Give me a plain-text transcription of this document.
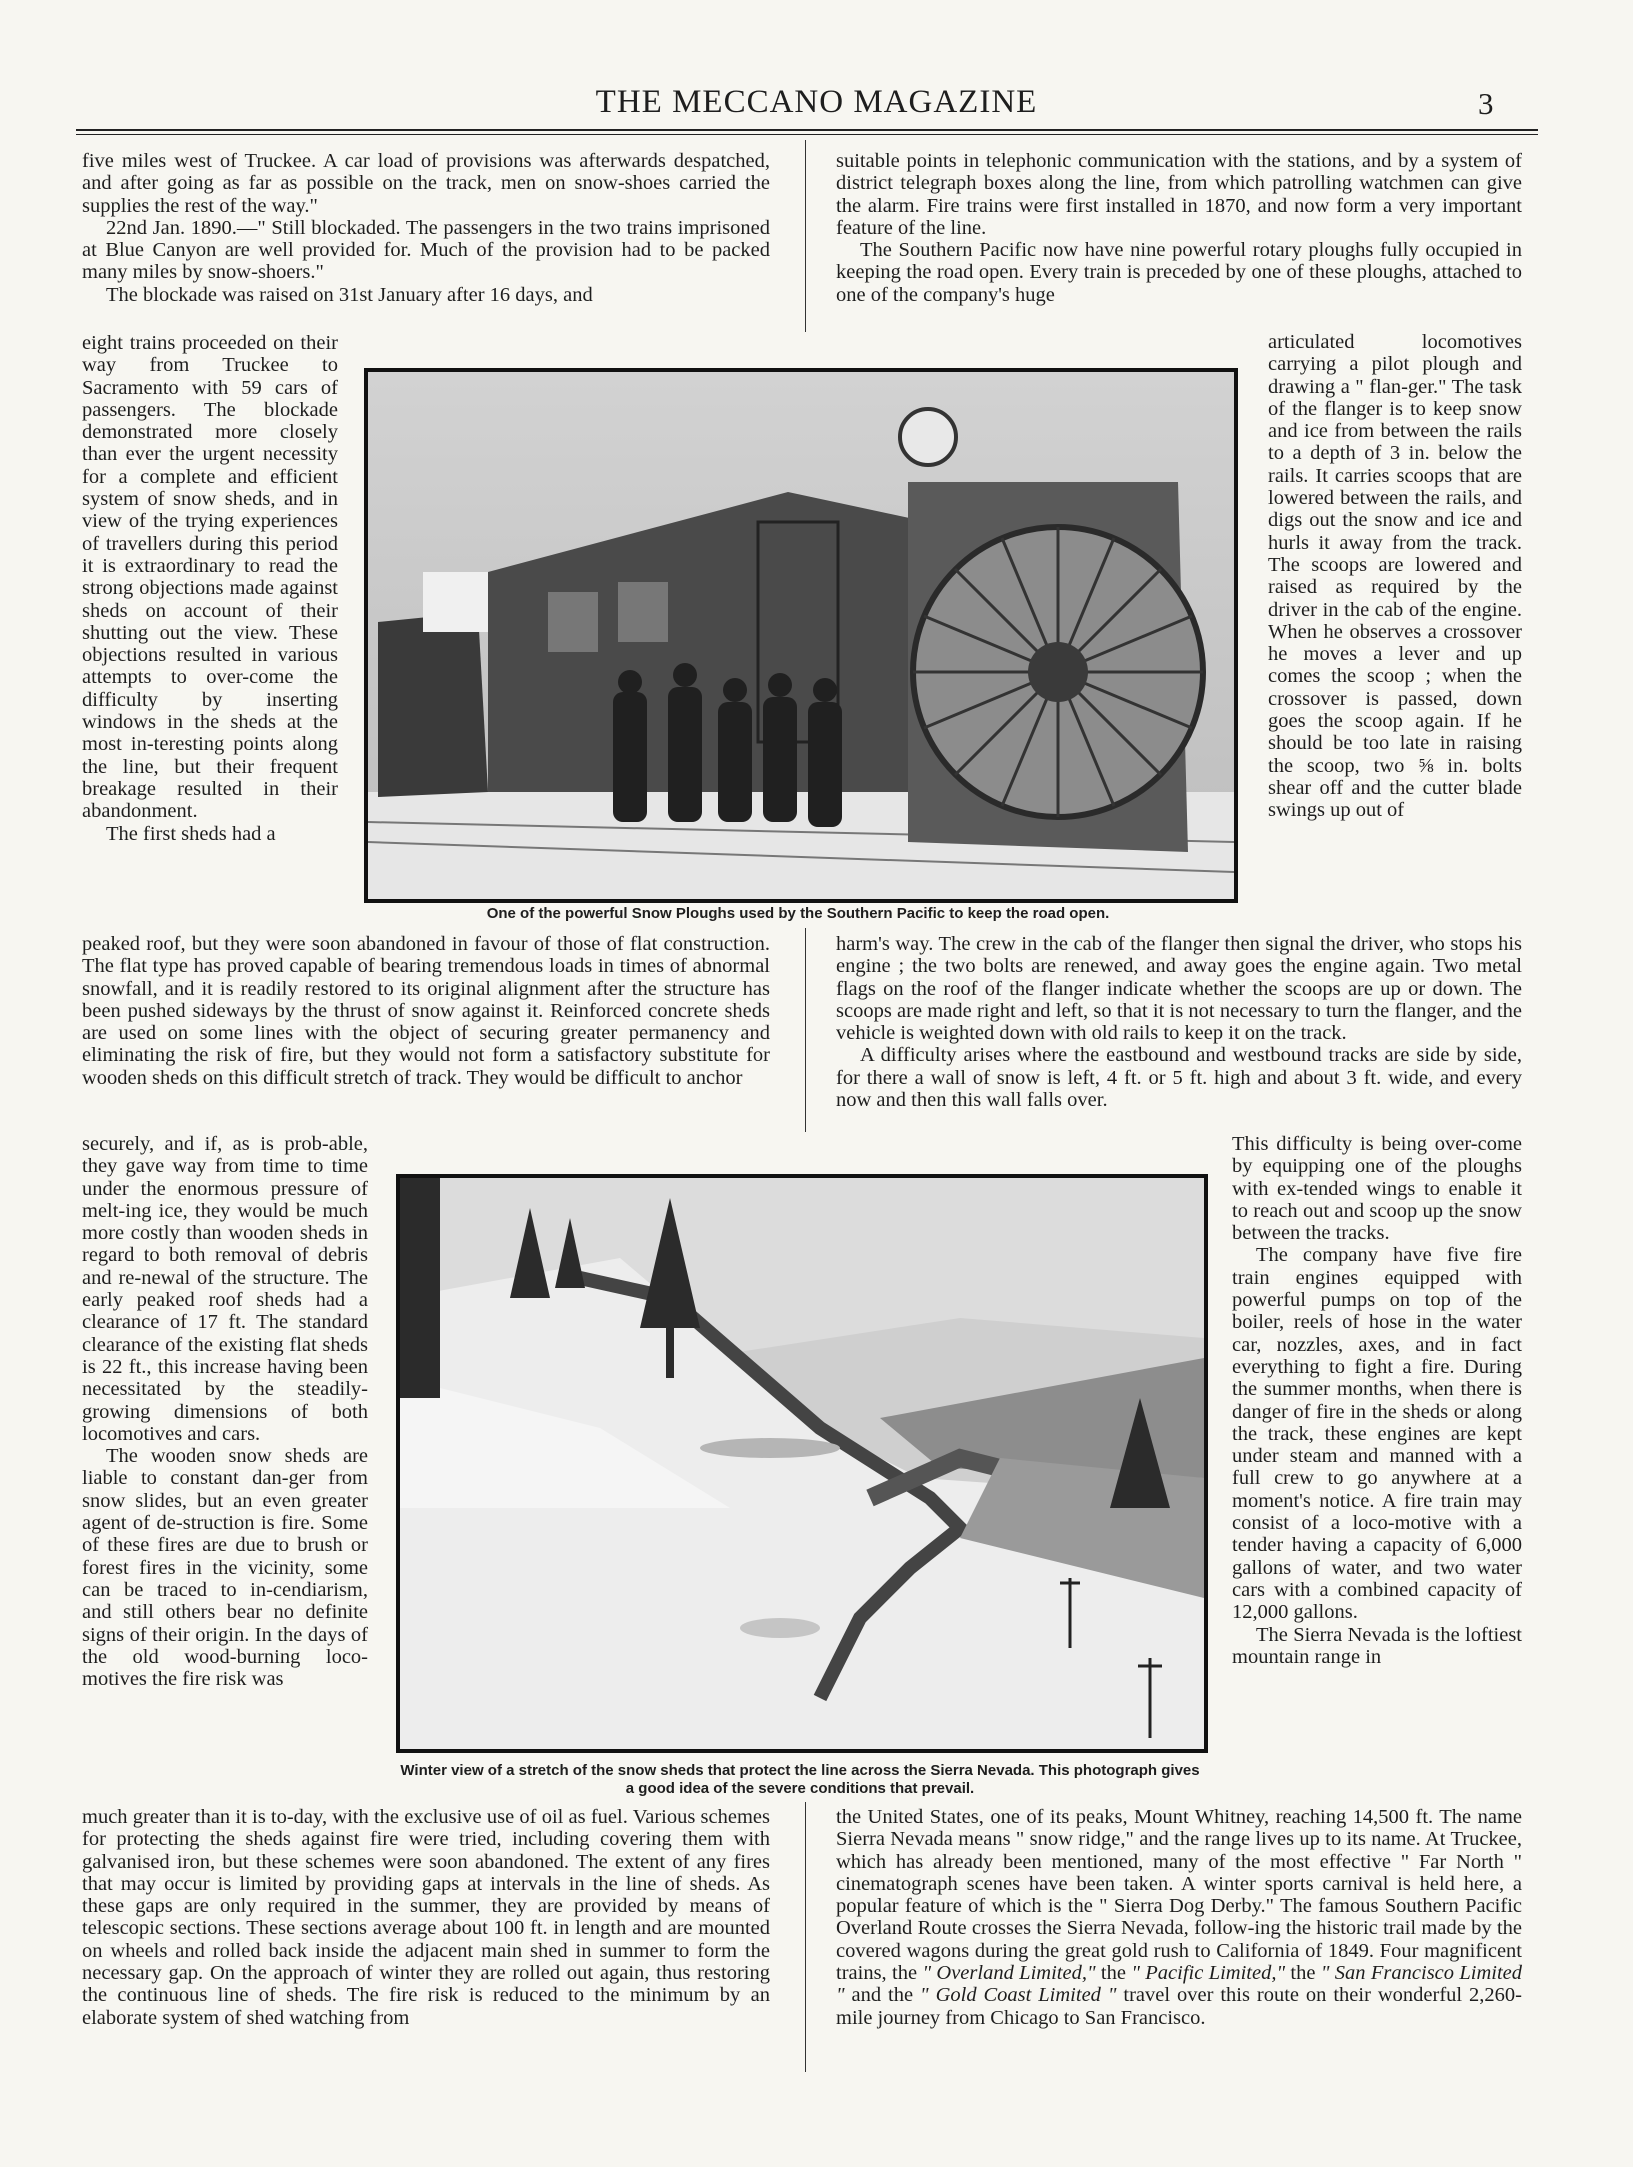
THE MECCANO MAGAZINE	3

five miles west of Truckee. A car load of provisions was afterwards despatched, and after going as far as possible on the track, men on snow-shoes carried the supplies the rest of the way."

22nd Jan. 1890.—" Still blockaded. The passengers in the two trains imprisoned at Blue Canyon are well provided for. Much of the provision had to be packed many miles by snow-shoers."

The blockade was raised on 31st January after 16 days, and

eight trains proceeded on their way from Truckee to Sacramento with 59 cars of passengers. The blockade demonstrated more closely than ever the urgent necessity for a complete and efficient system of snow sheds, and in view of the trying experiences of travellers during this period it is extraordinary to read the strong objections made against sheds on account of their shutting out the view. These objections resulted in various attempts to over-come the difficulty by inserting windows in the sheds at the most in-teresting points along the line, but their frequent breakage resulted in their abandonment.

The first sheds had a

suitable points in telephonic communication with the stations, and by a system of district telegraph boxes along the line, from which patrolling watchmen can give the alarm. Fire trains were first installed in 1870, and now form a very important feature of the line.

The Southern Pacific now have nine powerful rotary ploughs fully occupied in keeping the road open. Every train is preceded by one of these ploughs, attached to one of the company's huge

articulated locomotives carrying a pilot plough and drawing a " flan-ger." The task of the flanger is to keep snow and ice from between the rails to a depth of 3 in. below the rails. It carries scoops that are lowered between the rails, and digs out the snow and ice and hurls it away from the track. The scoops are lowered and raised as required by the driver in the cab of the engine. When he observes a crossover he moves a lever and up comes the scoop ; when the crossover is passed, down goes the scoop again. If he should be too late in raising the scoop, two ⅝ in. bolts shear off and the cutter blade swings up out of

One of the powerful Snow Ploughs used by the Southern Pacific to keep the road open.

peaked roof, but they were soon abandoned in favour of those of flat construction. The flat type has proved capable of bearing tremendous loads in times of abnormal snowfall, and it is readily restored to its original alignment after the structure has been pushed sideways by the thrust of snow against it. Reinforced concrete sheds are used on some lines with the object of securing greater permanency and eliminating the risk of fire, but they would not form a satisfactory substitute for wooden sheds on this difficult stretch of track. They would be difficult to anchor

harm's way. The crew in the cab of the flanger then signal the driver, who stops his engine ; the two bolts are renewed, and away goes the engine again. Two metal flags on the roof of the flanger indicate whether the scoops are up or down. The scoops are made right and left, so that it is not necessary to turn the flanger, and the vehicle is weighted down with old rails to keep it on the track.

A difficulty arises where the eastbound and westbound tracks are side by side, for there a wall of snow is left, 4 ft. or 5 ft. high and about 3 ft. wide, and every now and then this wall falls over.

securely, and if, as is prob-able, they gave way from time to time under the enormous pressure of melt-ing ice, they would be much more costly than wooden sheds in regard to both removal of debris and re-newal of the structure. The early peaked roof sheds had a clearance of 17 ft. The standard clearance of the existing flat sheds is 22 ft., this increase having been necessitated by the steadily-growing dimensions of both locomotives and cars.

The wooden snow sheds are liable to constant dan-ger from snow slides, but an even greater agent of de-struction is fire. Some of these fires are due to brush or forest fires in the vicinity, some can be traced to in-cendiarism, and still others bear no definite signs of their origin. In the days of the old wood-burning loco-motives the fire risk was

This difficulty is being over-come by equipping one of the ploughs with ex-tended wings to enable it to reach out and scoop up the snow between the tracks.

The company have five fire train engines equipped with powerful pumps on top of the boiler, reels of hose in the water car, nozzles, axes, and in fact everything to fight a fire. During the summer months, when there is danger of fire in the sheds or along the track, these engines are kept under steam and manned with a full crew to go anywhere at a moment's notice. A fire train may consist of a loco-motive with a tender having a capacity of 6,000 gallons of water, and two water cars with a combined capacity of 12,000 gallons.

The Sierra Nevada is the loftiest mountain range in

Winter view of a stretch of the snow sheds that protect the line across the Sierra Nevada. This photograph gives a good idea of the severe conditions that prevail.

much greater than it is to-day, with the exclusive use of oil as fuel. Various schemes for protecting the sheds against fire were tried, including covering them with galvanised iron, but these schemes were soon abandoned. The extent of any fires that may occur is limited by providing gaps at intervals in the line of sheds. As these gaps are only required in the summer, they are provided by means of telescopic sections. These sections average about 100 ft. in length and are mounted on wheels and rolled back inside the adjacent main shed in summer to form the necessary gap. On the approach of winter they are rolled out again, thus restoring the continuous line of sheds. The fire risk is reduced to the minimum by an elaborate system of shed watching from

the United States, one of its peaks, Mount Whitney, reaching 14,500 ft. The name Sierra Nevada means " snow ridge," and the range lives up to its name. At Truckee, which has already been mentioned, many of the most effective " Far North " cinematograph scenes have been taken. A winter sports carnival is held here, a popular feature of which is the " Sierra Dog Derby." The famous Southern Pacific Overland Route crosses the Sierra Nevada, follow-ing the historic trail made by the covered wagons during the great gold rush to California of 1849. Four magnificent trains, the " Overland Limited," the " Pacific Limited," the " San Francisco Limited " and the " Gold Coast Limited " travel over this route on their wonderful 2,260-mile journey from Chicago to San Francisco.
